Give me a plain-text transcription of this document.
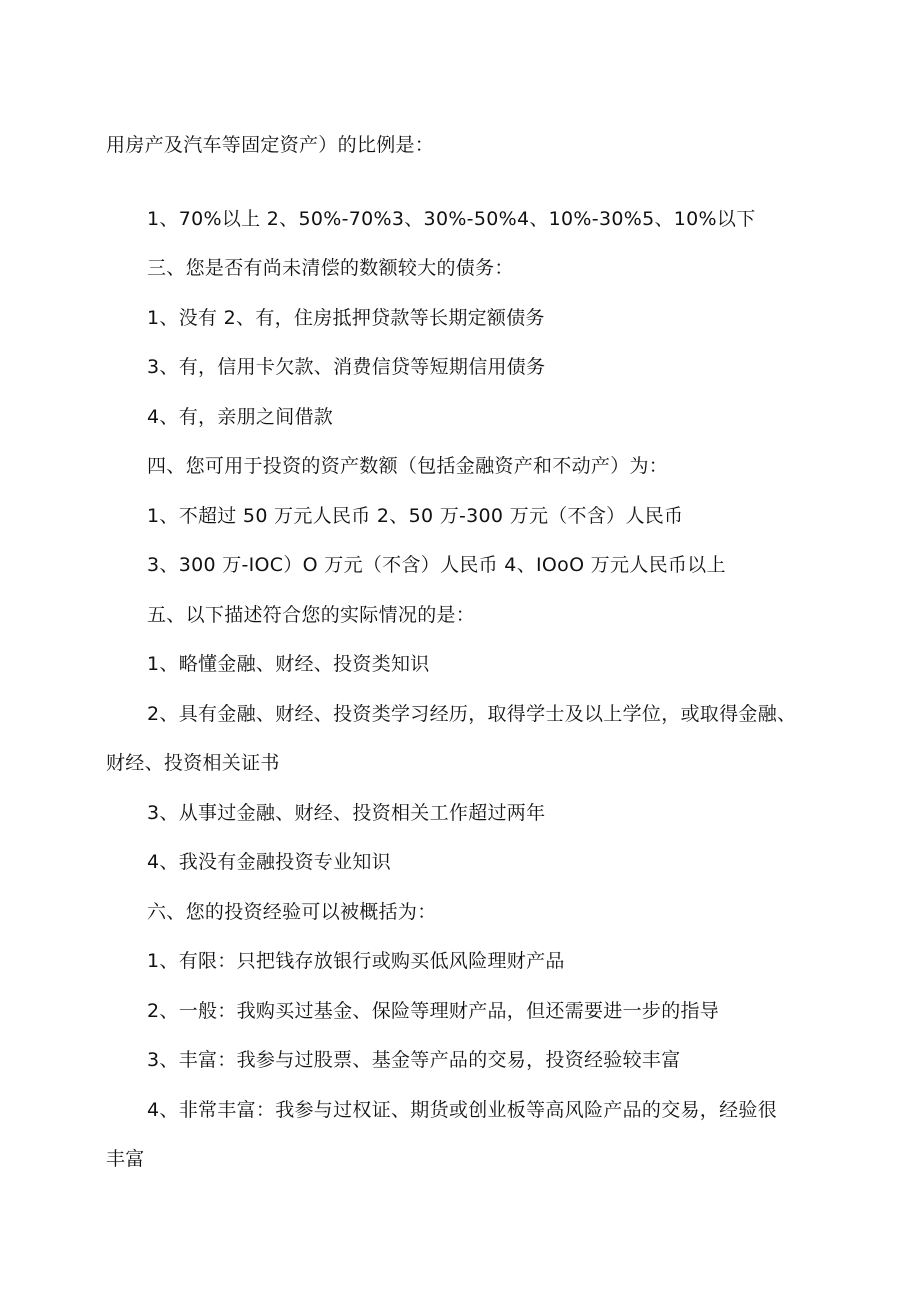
用房产及汽车等固定资产）的比例是：
1、70%以上 2、50%-70%3、30%-50%4、10%-30%5、10%以下
三、您是否有尚未清偿的数额较大的债务：
1、没有 2、有，住房抵押贷款等长期定额债务
3、有，信用卡欠款、消费信贷等短期信用债务
4、有，亲朋之间借款
四、您可用于投资的资产数额（包括金融资产和不动产）为：
1、不超过 50 万元人民币 2、50 万-300 万元（不含）人民币
3、300 万-IOC）O 万元（不含）人民币 4、IOoO 万元人民币以上
五、以下描述符合您的实际情况的是：
1、略懂金融、财经、投资类知识
2、具有金融、财经、投资类学习经历，取得学士及以上学位，或取得金融、
财经、投资相关证书
3、从事过金融、财经、投资相关工作超过两年
4、我没有金融投资专业知识
六、您的投资经验可以被概括为：
1、有限：只把钱存放银行或购买低风险理财产品
2、一般：我购买过基金、保险等理财产品，但还需要进一步的指导
3、丰富：我参与过股票、基金等产品的交易，投资经验较丰富
4、非常丰富：我参与过权证、期货或创业板等高风险产品的交易，经验很
丰富
